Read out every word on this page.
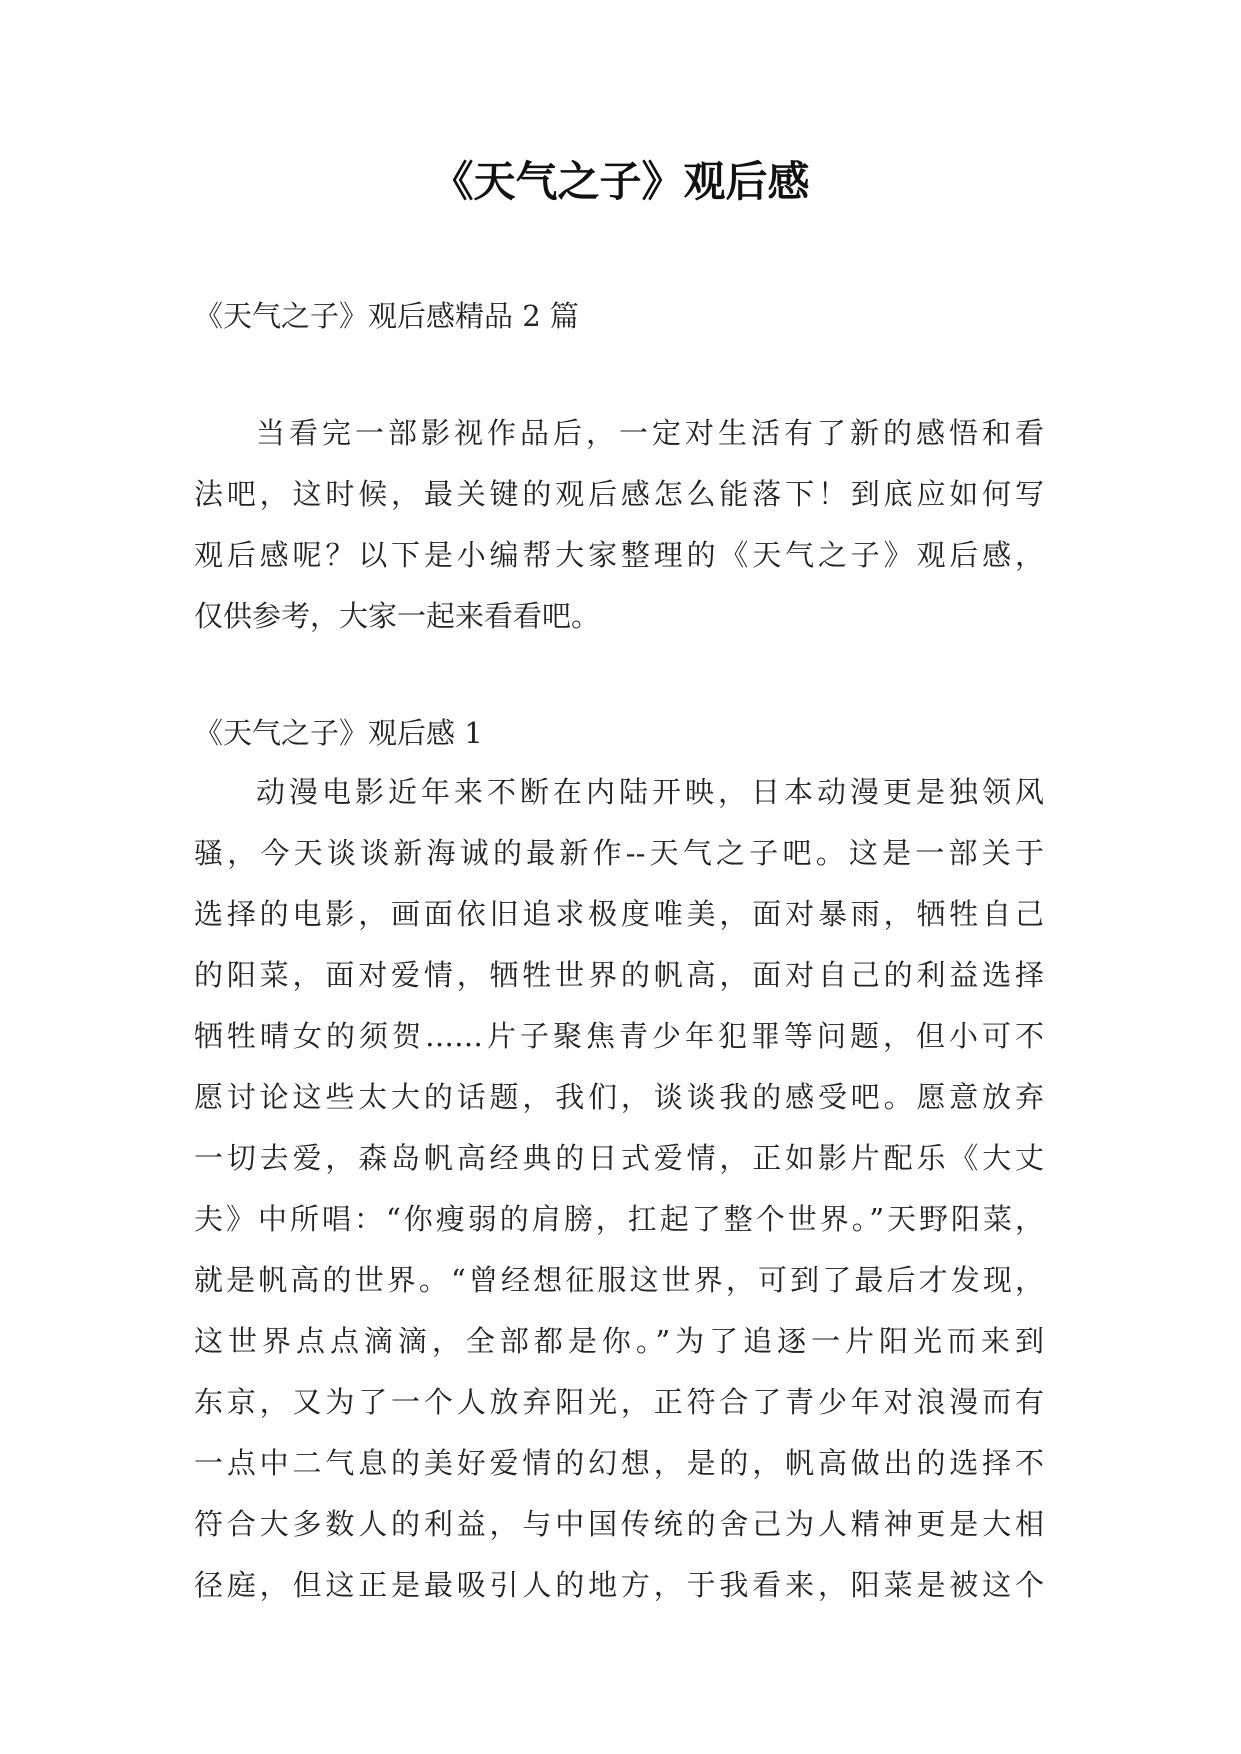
《天气之子》观后感

《天气之子》观后感精品 2 篇

当看完一部影视作品后，一定对生活有了新的感悟和看

法吧，这时候，最关键的观后感怎么能落下！到底应如何写

观后感呢？以下是小编帮大家整理的《天气之子》观后感，

仅供参考，大家一起来看看吧。

《天气之子》观后感 1

动漫电影近年来不断在内陆开映，日本动漫更是独领风

骚，今天谈谈新海诚的最新作--天气之子吧。这是一部关于

选择的电影，画面依旧追求极度唯美，面对暴雨，牺牲自己

的阳菜，面对爱情，牺牲世界的帆高，面对自己的利益选择

牺牲晴女的须贺……片子聚焦青少年犯罪等问题，但小可不

愿讨论这些太大的话题，我们，谈谈我的感受吧。愿意放弃

一切去爱，森岛帆高经典的日式爱情，正如影片配乐《大丈

夫》中所唱：“你瘦弱的肩膀，扛起了整个世界。”天野阳菜，

就是帆高的世界。“曾经想征服这世界，可到了最后才发现，

这世界点点滴滴，全部都是你。”为了追逐一片阳光而来到

东京，又为了一个人放弃阳光，正符合了青少年对浪漫而有

一点中二气息的美好爱情的幻想，是的，帆高做出的选择不

符合大多数人的利益，与中国传统的舍己为人精神更是大相

径庭，但这正是最吸引人的地方，于我看来，阳菜是被这个
